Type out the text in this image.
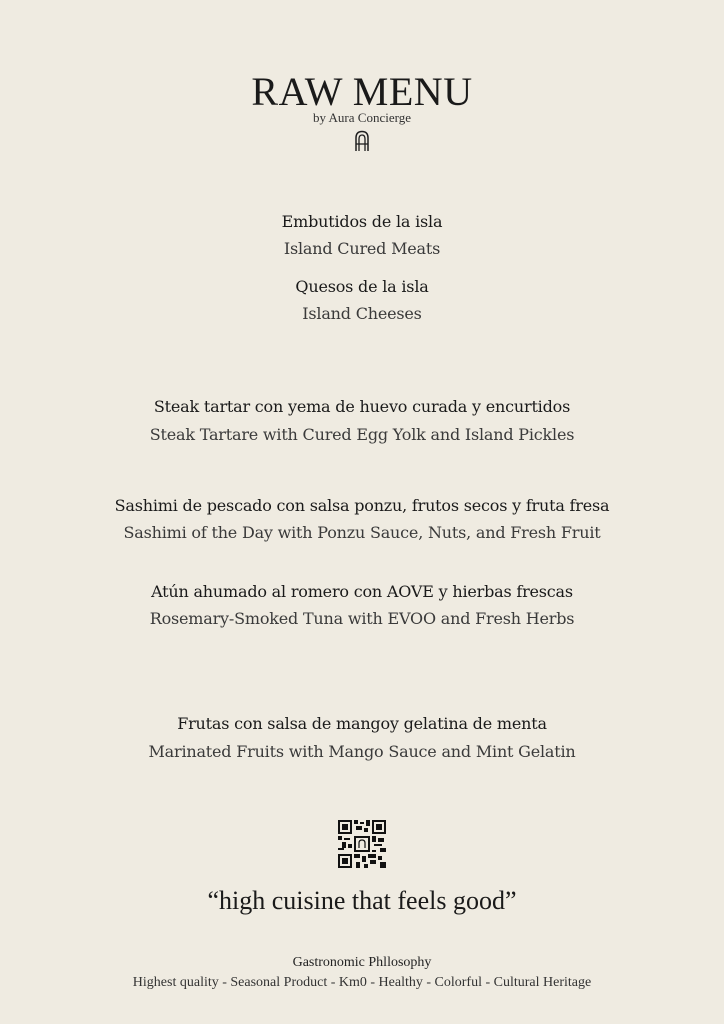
RAW MENU
by Aura Concierge
Embutidos de la isla
Island Cured Meats
Quesos de la isla
Island Cheeses
Steak tartar con yema de huevo curada y encurtidos
Steak Tartare with Cured Egg Yolk and Island Pickles
Sashimi de pescado con salsa ponzu, frutos secos y fruta fresa
Sashimi of the Day with Ponzu Sauce, Nuts, and Fresh Fruit
Atún ahumado al romero con AOVE y hierbas frescas
Rosemary-Smoked Tuna with EVOO and Fresh Herbs
Frutas con salsa de mangoy gelatina de menta
Marinated Fruits with Mango Sauce and Mint Gelatin
“high cuisine that feels good”
Gastronomic Phllosophy
Highest quality - Seasonal Product - Km0 - Healthy - Colorful - Cultural Heritage
